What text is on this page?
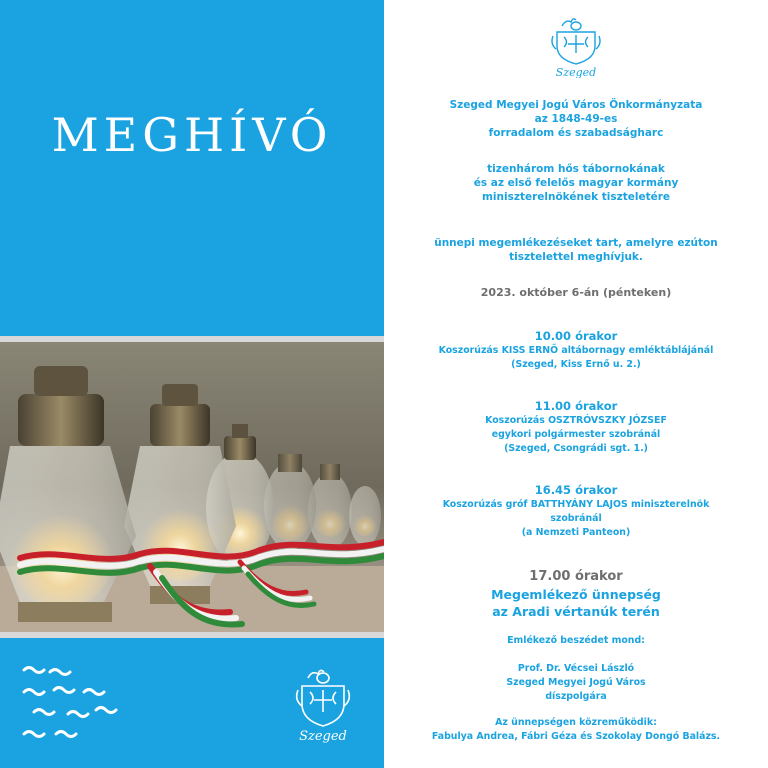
MEGHÍVÓ
Szeged
Szeged
Szeged Megyei Jogú Város Önkormányzata
az 1848-49-es
forradalom és szabadságharc
tizenhárom hős tábornokának
és az első felelős magyar kormány
miniszterelnökének tiszteletére
ünnepi megemlékezéseket tart, amelyre ezúton
tisztelettel meghívjuk.
2023. október 6-án (pénteken)
10.00 órakor
Koszorúzás KISS ERNŐ altábornagy emléktáblájánál
(Szeged, Kiss Ernő u. 2.)
11.00 órakor
Koszorúzás OSZTRÓVSZKY JÓZSEF
egykori polgármester szobránál
(Szeged, Csongrádi sgt. 1.)
16.45 órakor
Koszorúzás gróf BATTHYÁNY LAJOS miniszterelnök
szobránál
(a Nemzeti Panteon)
17.00 órakor
Megemlékező ünnepség
az Aradi vértanúk terén
Emlékező beszédet mond:
Prof. Dr. Vécsei László
Szeged Megyei Jogú Város
díszpolgára
Az ünnepségen közreműködik:
Fabulya Andrea, Fábri Géza és Szokolay Dongó Balázs.
